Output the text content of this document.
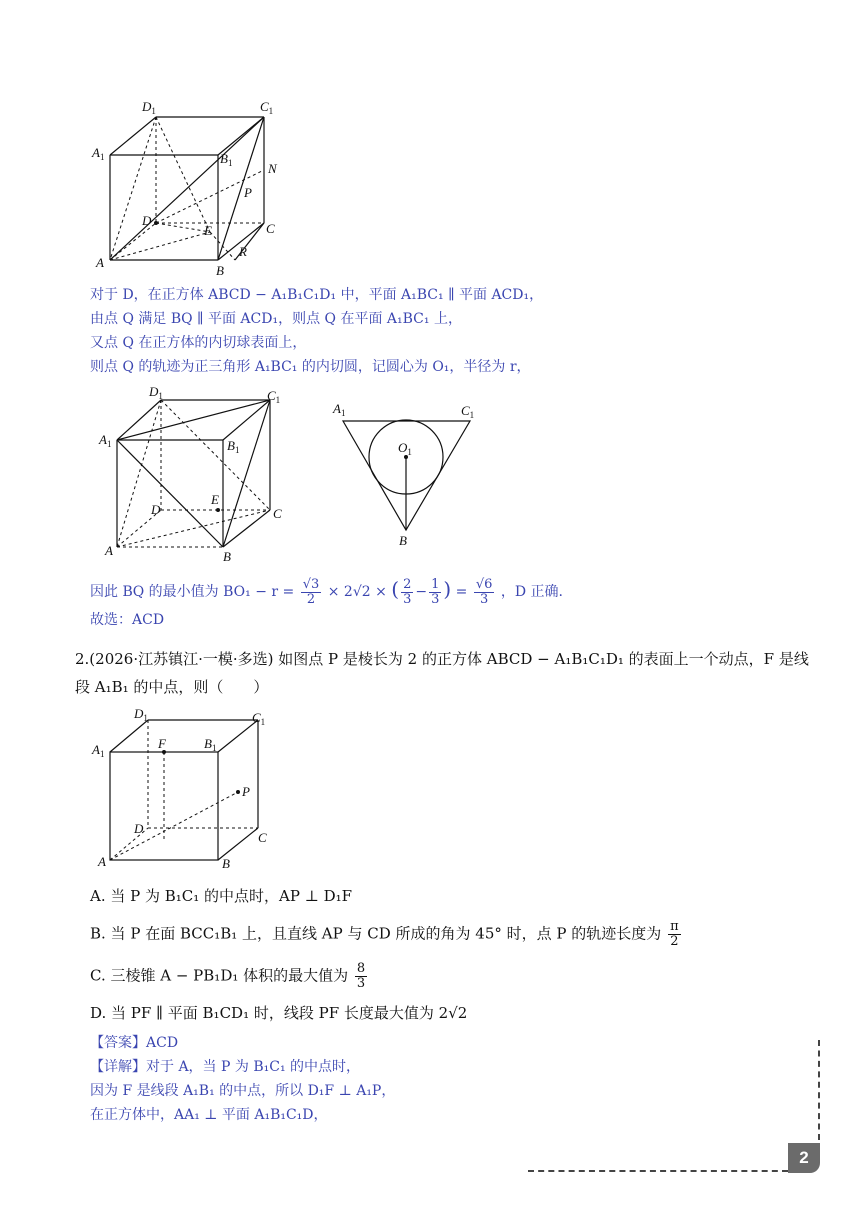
$D_1$	$C_1$
$A_1$	$B_1$	N
P
D
E	C
A
B
R
对于 D，在正方体 ABCD − A₁B₁C₁D₁ 中，平面 A₁BC₁ ∥ 平面 ACD₁，
由点 Q 满足 BQ ∥ 平面 ACD₁，则点 Q 在平面 A₁BC₁ 上，
又点 Q 在正方体的内切球表面上，
则点 Q 的轨迹为正三角形 A₁BC₁ 的内切圆，记圆心为 O₁，半径为 r，
$D_1$	$C_1$
$A_1$	$B_1$
D
E
C
A	B
$A_1$	$C_1$
$O_1$
B
因此 BQ 的最小值为 $BO_1 - r = \frac{√3}{2} \times 2√2$ × ( $\frac{2}{3} - \frac{1}{3}$ ) = $\frac{√6}{3}$ ，D 正确.
故选：ACD
2.(2026·江苏镇江·一模·多选) 如图点 P 是棱长为 2 的正方体 ABCD − A₁B₁C₁D₁ 的表面上一个动点，F 是线段 A₁B₁ 的中点，则（　　）
$D_1$	$C_1$
$A_1$
F	$B_1$
P
D
C
A	B
A. 当 P 为 B₁C₁ 的中点时，AP ⊥ D₁F
B. 当 P 在面 BCC₁B₁ 上，且直线 AP 与 CD 所成的角为 45° 时，点 P 的轨迹长度为 $\frac{\pi}{2}$
C. 三棱锥 A − PB₁D₁ 体积的最大值为 $\frac{8}{3}$
D. 当 PF ∥ 平面 B₁CD₁ 时，线段 PF 长度最大值为 2√2
【答案】ACD
【详解】对于 A，当 P 为 B₁C₁ 的中点时，
因为 F 是线段 A₁B₁ 的中点，所以 D₁F ⊥ A₁P，
在正方体中，AA₁ ⊥ 平面 A₁B₁C₁D，
2
